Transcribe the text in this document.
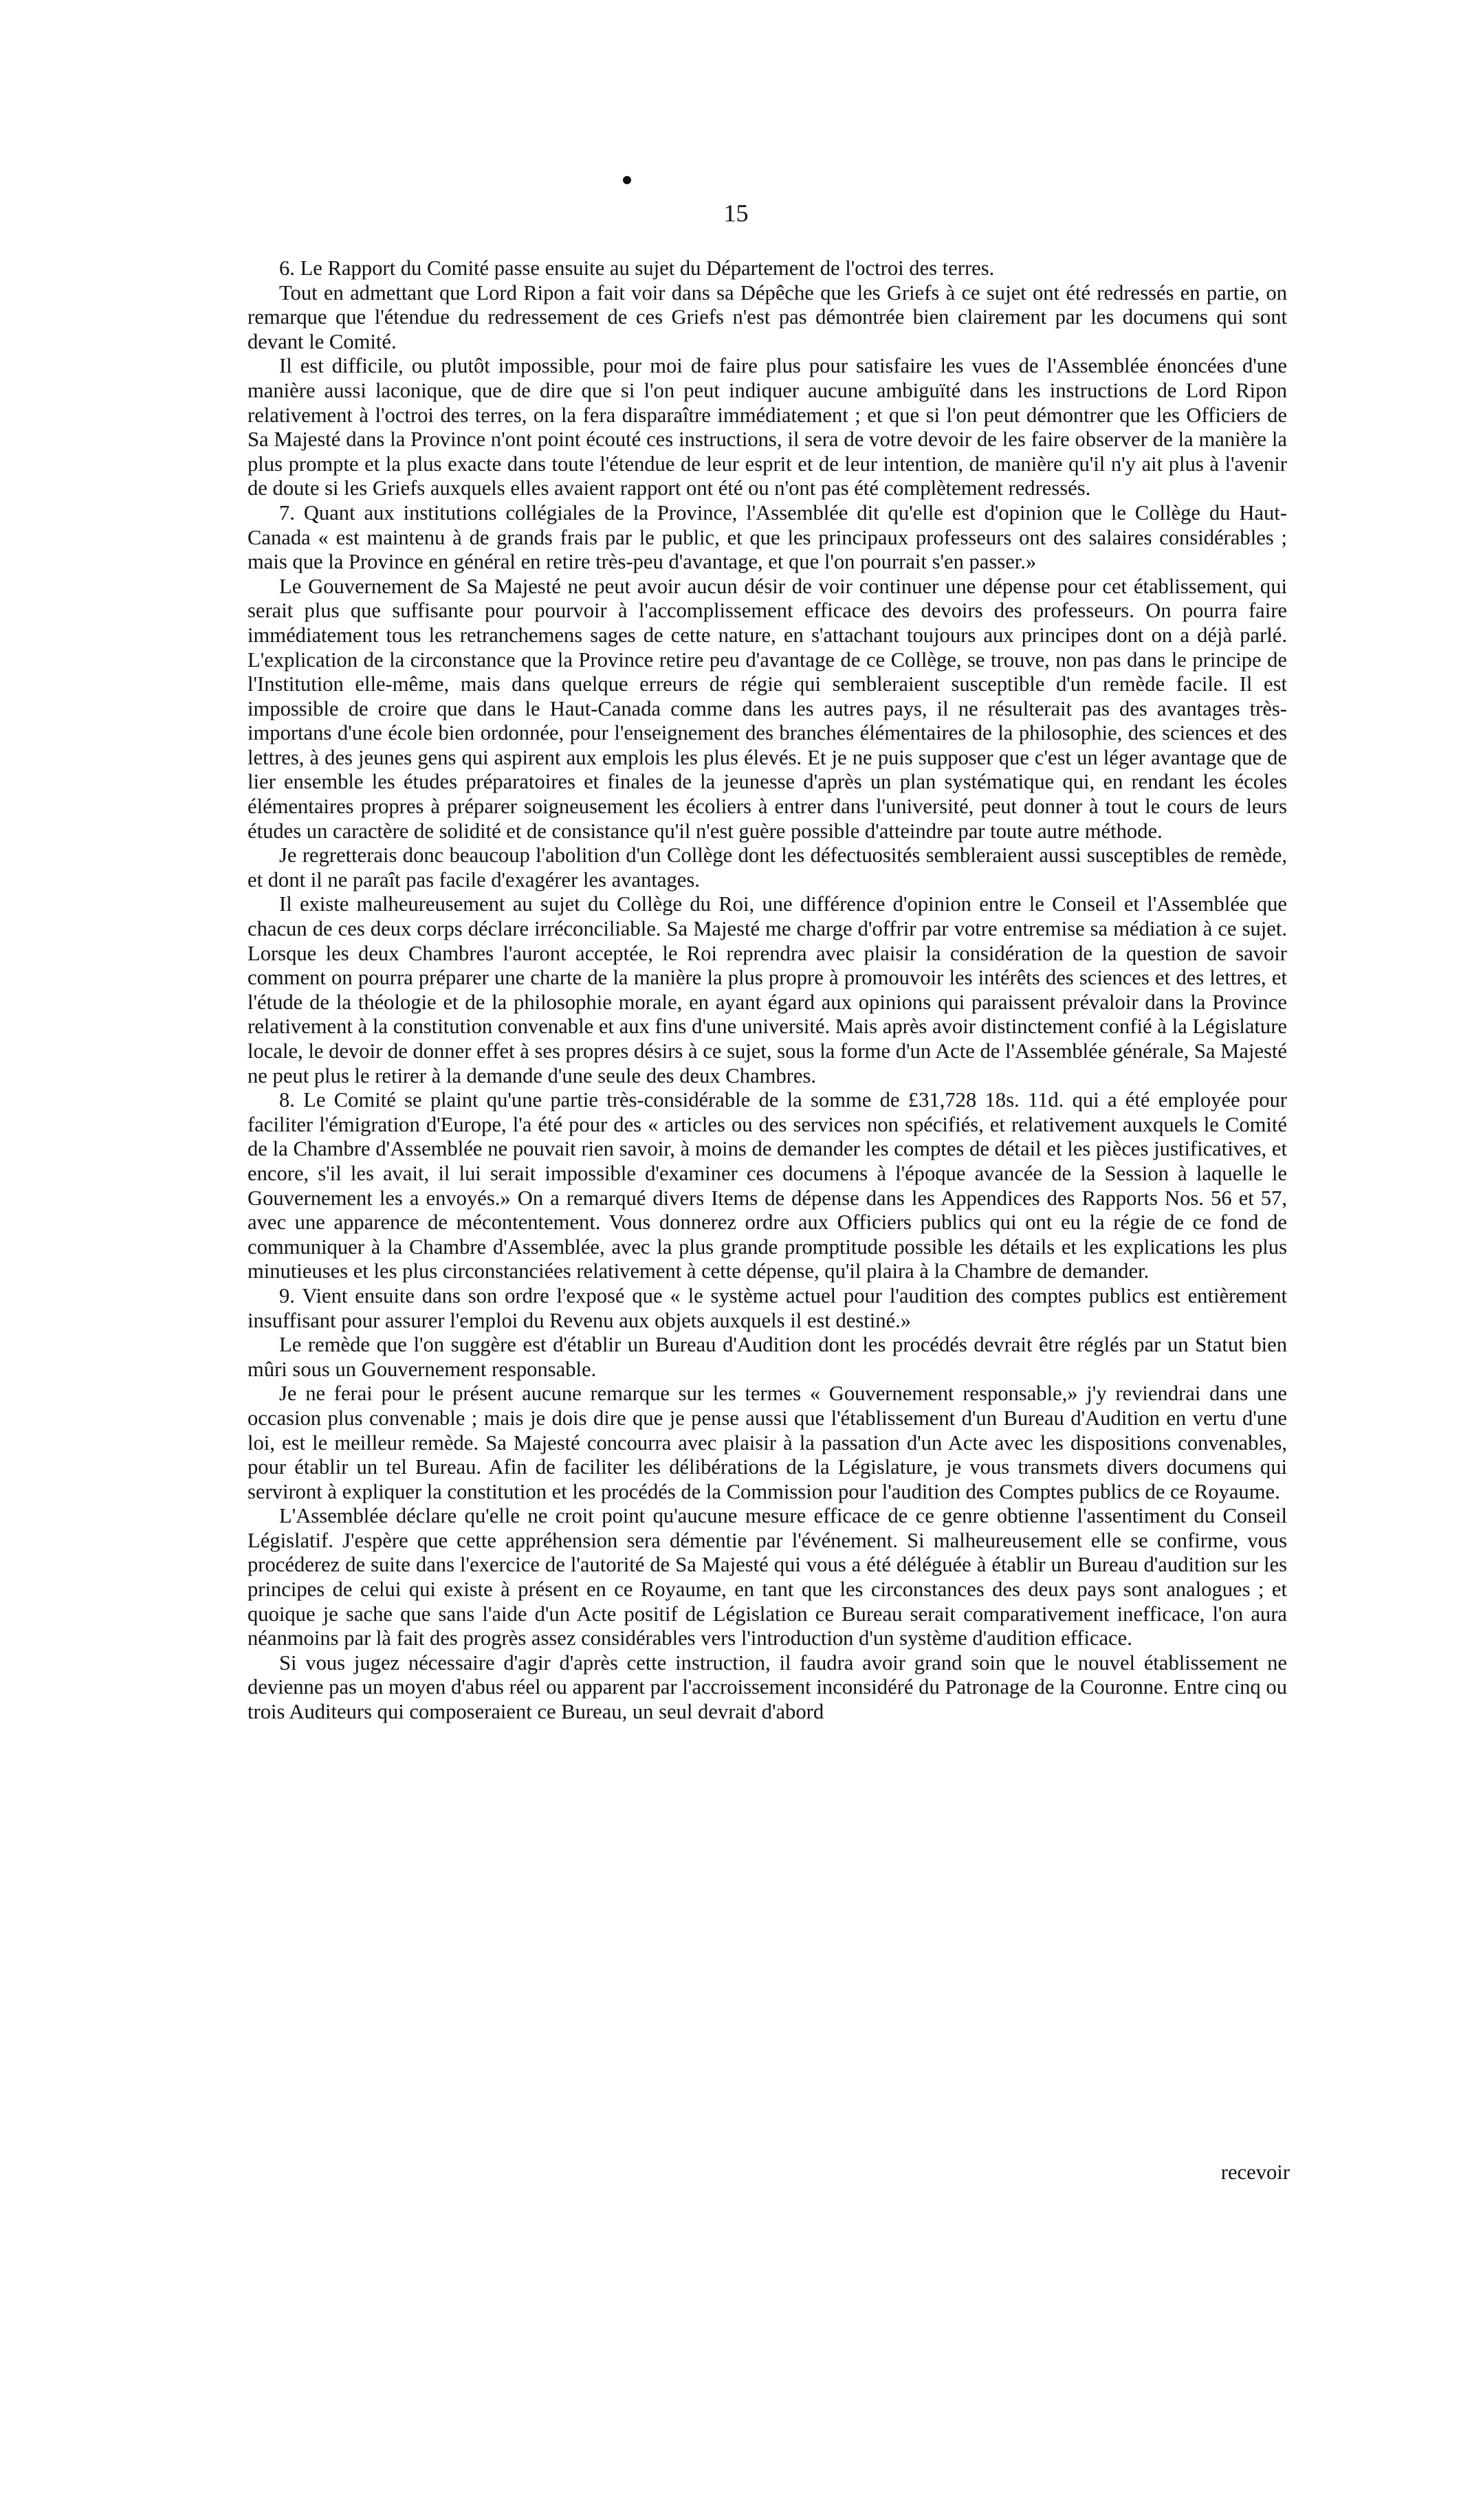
15

6. Le Rapport du Comité passe ensuite au sujet du Département de l'octroi des terres.

Tout en admettant que Lord Ripon a fait voir dans sa Dépêche que les Griefs à ce sujet ont été redressés en partie, on remarque que l'étendue du redressement de ces Griefs n'est pas démontrée bien clairement par les documens qui sont devant le Comité.

Il est difficile, ou plutôt impossible, pour moi de faire plus pour satisfaire les vues de l'Assemblée énoncées d'une manière aussi laconique, que de dire que si l'on peut indiquer aucune ambiguïté dans les instructions de Lord Ripon relativement à l'octroi des terres, on la fera disparaître immédiatement ; et que si l'on peut démontrer que les Officiers de Sa Majesté dans la Province n'ont point écouté ces instructions, il sera de votre devoir de les faire observer de la manière la plus prompte et la plus exacte dans toute l'étendue de leur esprit et de leur intention, de manière qu'il n'y ait plus à l'avenir de doute si les Griefs auxquels elles avaient rapport ont été ou n'ont pas été complètement redressés.

7. Quant aux institutions collégiales de la Province, l'Assemblée dit qu'elle est d'opinion que le Collège du Haut-Canada « est maintenu à de grands frais par le public, et que les principaux professeurs ont des salaires considérables ; mais que la Province en général en retire très-peu d'avantage, et que l'on pourrait s'en passer.»

Le Gouvernement de Sa Majesté ne peut avoir aucun désir de voir continuer une dépense pour cet établissement, qui serait plus que suffisante pour pourvoir à l'accomplissement efficace des devoirs des professeurs. On pourra faire immédiatement tous les retranchemens sages de cette nature, en s'attachant toujours aux principes dont on a déjà parlé. L'explication de la circonstance que la Province retire peu d'avantage de ce Collège, se trouve, non pas dans le principe de l'Institution elle-même, mais dans quelque erreurs de régie qui sembleraient susceptible d'un remède facile. Il est impossible de croire que dans le Haut-Canada comme dans les autres pays, il ne résulterait pas des avantages très-importans d'une école bien ordonnée, pour l'enseignement des branches élémentaires de la philosophie, des sciences et des lettres, à des jeunes gens qui aspirent aux emplois les plus élevés. Et je ne puis supposer que c'est un léger avantage que de lier ensemble les études préparatoires et finales de la jeunesse d'après un plan systématique qui, en rendant les écoles élémentaires propres à préparer soigneusement les écoliers à entrer dans l'université, peut donner à tout le cours de leurs études un caractère de solidité et de consistance qu'il n'est guère possible d'atteindre par toute autre méthode.

Je regretterais donc beaucoup l'abolition d'un Collège dont les défectuosités sembleraient aussi susceptibles de remède, et dont il ne paraît pas facile d'exagérer les avantages.

Il existe malheureusement au sujet du Collège du Roi, une différence d'opinion entre le Conseil et l'Assemblée que chacun de ces deux corps déclare irréconciliable. Sa Majesté me charge d'offrir par votre entremise sa médiation à ce sujet. Lorsque les deux Chambres l'auront acceptée, le Roi reprendra avec plaisir la considération de la question de savoir comment on pourra préparer une charte de la manière la plus propre à promouvoir les intérêts des sciences et des lettres, et l'étude de la théologie et de la philosophie morale, en ayant égard aux opinions qui paraissent prévaloir dans la Province relativement à la constitution convenable et aux fins d'une université. Mais après avoir distinctement confié à la Législature locale, le devoir de donner effet à ses propres désirs à ce sujet, sous la forme d'un Acte de l'Assemblée générale, Sa Majesté ne peut plus le retirer à la demande d'une seule des deux Chambres.

8. Le Comité se plaint qu'une partie très-considérable de la somme de £31,728 18s. 11d. qui a été employée pour faciliter l'émigration d'Europe, l'a été pour des « articles ou des services non spécifiés, et relativement auxquels le Comité de la Chambre d'Assemblée ne pouvait rien savoir, à moins de demander les comptes de détail et les pièces justificatives, et encore, s'il les avait, il lui serait impossible d'examiner ces documens à l'époque avancée de la Session à laquelle le Gouvernement les a envoyés.» On a remarqué divers Items de dépense dans les Appendices des Rapports Nos. 56 et 57, avec une apparence de mécontentement. Vous donnerez ordre aux Officiers publics qui ont eu la régie de ce fond de communiquer à la Chambre d'Assemblée, avec la plus grande promptitude possible les détails et les explications les plus minutieuses et les plus circonstanciées relativement à cette dépense, qu'il plaira à la Chambre de demander.

9. Vient ensuite dans son ordre l'exposé que « le système actuel pour l'audition des comptes publics est entièrement insuffisant pour assurer l'emploi du Revenu aux objets auxquels il est destiné.»

Le remède que l'on suggère est d'établir un Bureau d'Audition dont les procédés devrait être réglés par un Statut bien mûri sous un Gouvernement responsable.

Je ne ferai pour le présent aucune remarque sur les termes « Gouvernement responsable,» j'y reviendrai dans une occasion plus convenable ; mais je dois dire que je pense aussi que l'établissement d'un Bureau d'Audition en vertu d'une loi, est le meilleur remède. Sa Majesté concourra avec plaisir à la passation d'un Acte avec les dispositions convenables, pour établir un tel Bureau. Afin de faciliter les délibérations de la Législature, je vous transmets divers documens qui serviront à expliquer la constitution et les procédés de la Commission pour l'audition des Comptes publics de ce Royaume.

L'Assemblée déclare qu'elle ne croit point qu'aucune mesure efficace de ce genre obtienne l'assentiment du Conseil Législatif. J'espère que cette appréhension sera démentie par l'événement. Si malheureusement elle se confirme, vous procéderez de suite dans l'exercice de l'autorité de Sa Majesté qui vous a été déléguée à établir un Bureau d'audition sur les principes de celui qui existe à présent en ce Royaume, en tant que les circonstances des deux pays sont analogues ; et quoique je sache que sans l'aide d'un Acte positif de Législation ce Bureau serait comparativement inefficace, l'on aura néanmoins par là fait des progrès assez considérables vers l'introduction d'un système d'audition efficace.

Si vous jugez nécessaire d'agir d'après cette instruction, il faudra avoir grand soin que le nouvel établissement ne devienne pas un moyen d'abus réel ou apparent par l'accroissement inconsidéré du Patronage de la Couronne. Entre cinq ou trois Auditeurs qui composeraient ce Bureau, un seul devrait d'abord

recevoir
